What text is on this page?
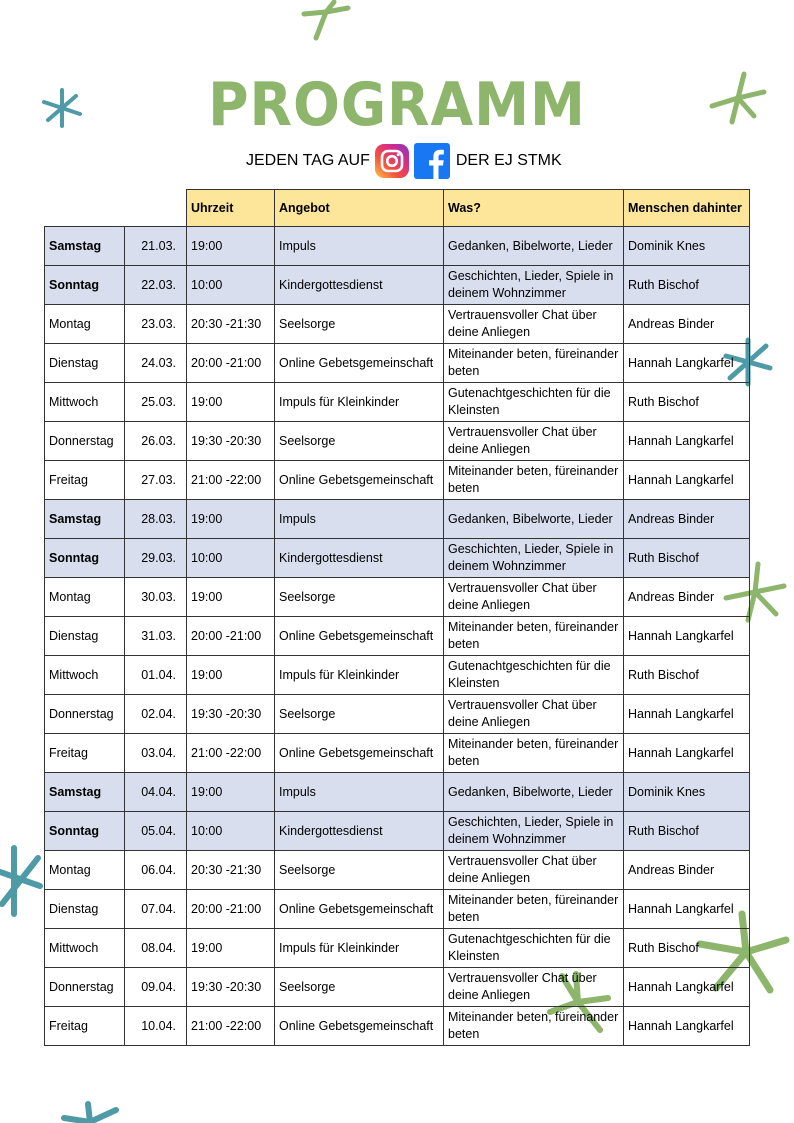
PROGRAMM
JEDEN TAG AUF	DER EJ STMK
		Uhrzeit	Angebot	Was?	Menschen dahinter
Samstag	21.03.	19:00	Impuls	Gedanken, Bibelworte, Lieder	Dominik Knes
Sonntag	22.03.	10:00	Kindergottesdienst	Geschichten, Lieder, Spiele in deinem Wohnzimmer	Ruth Bischof
Montag	23.03.	20:30 -21:30	Seelsorge	Vertrauensvoller Chat über deine Anliegen	Andreas Binder
Dienstag	24.03.	20:00 -21:00	Online Gebetsgemeinschaft	Miteinander beten, füreinander beten	Hannah Langkarfel
Mittwoch	25.03.	19:00	Impuls für Kleinkinder	Gutenachtgeschichten für die Kleinsten	Ruth Bischof
Donnerstag	26.03.	19:30 -20:30	Seelsorge	Vertrauensvoller Chat über deine Anliegen	Hannah Langkarfel
Freitag	27.03.	21:00 -22:00	Online Gebetsgemeinschaft	Miteinander beten, füreinander beten	Hannah Langkarfel
Samstag	28.03.	19:00	Impuls	Gedanken, Bibelworte, Lieder	Andreas Binder
Sonntag	29.03.	10:00	Kindergottesdienst	Geschichten, Lieder, Spiele in deinem Wohnzimmer	Ruth Bischof
Montag	30.03.	19:00	Seelsorge	Vertrauensvoller Chat über deine Anliegen	Andreas Binder
Dienstag	31.03.	20:00 -21:00	Online Gebetsgemeinschaft	Miteinander beten, füreinander beten	Hannah Langkarfel
Mittwoch	01.04.	19:00	Impuls für Kleinkinder	Gutenachtgeschichten für die Kleinsten	Ruth Bischof
Donnerstag	02.04.	19:30 -20:30	Seelsorge	Vertrauensvoller Chat über deine Anliegen	Hannah Langkarfel
Freitag	03.04.	21:00 -22:00	Online Gebetsgemeinschaft	Miteinander beten, füreinander beten	Hannah Langkarfel
Samstag	04.04.	19:00	Impuls	Gedanken, Bibelworte, Lieder	Dominik Knes
Sonntag	05.04.	10:00	Kindergottesdienst	Geschichten, Lieder, Spiele in deinem Wohnzimmer	Ruth Bischof
Montag	06.04.	20:30 -21:30	Seelsorge	Vertrauensvoller Chat über deine Anliegen	Andreas Binder
Dienstag	07.04.	20:00 -21:00	Online Gebetsgemeinschaft	Miteinander beten, füreinander beten	Hannah Langkarfel
Mittwoch	08.04.	19:00	Impuls für Kleinkinder	Gutenachtgeschichten für die Kleinsten	Ruth Bischof
Donnerstag	09.04.	19:30 -20:30	Seelsorge	Vertrauensvoller Chat über deine Anliegen	Hannah Langkarfel
Freitag	10.04.	21:00 -22:00	Online Gebetsgemeinschaft	Miteinander beten, füreinander beten	Hannah Langkarfel
